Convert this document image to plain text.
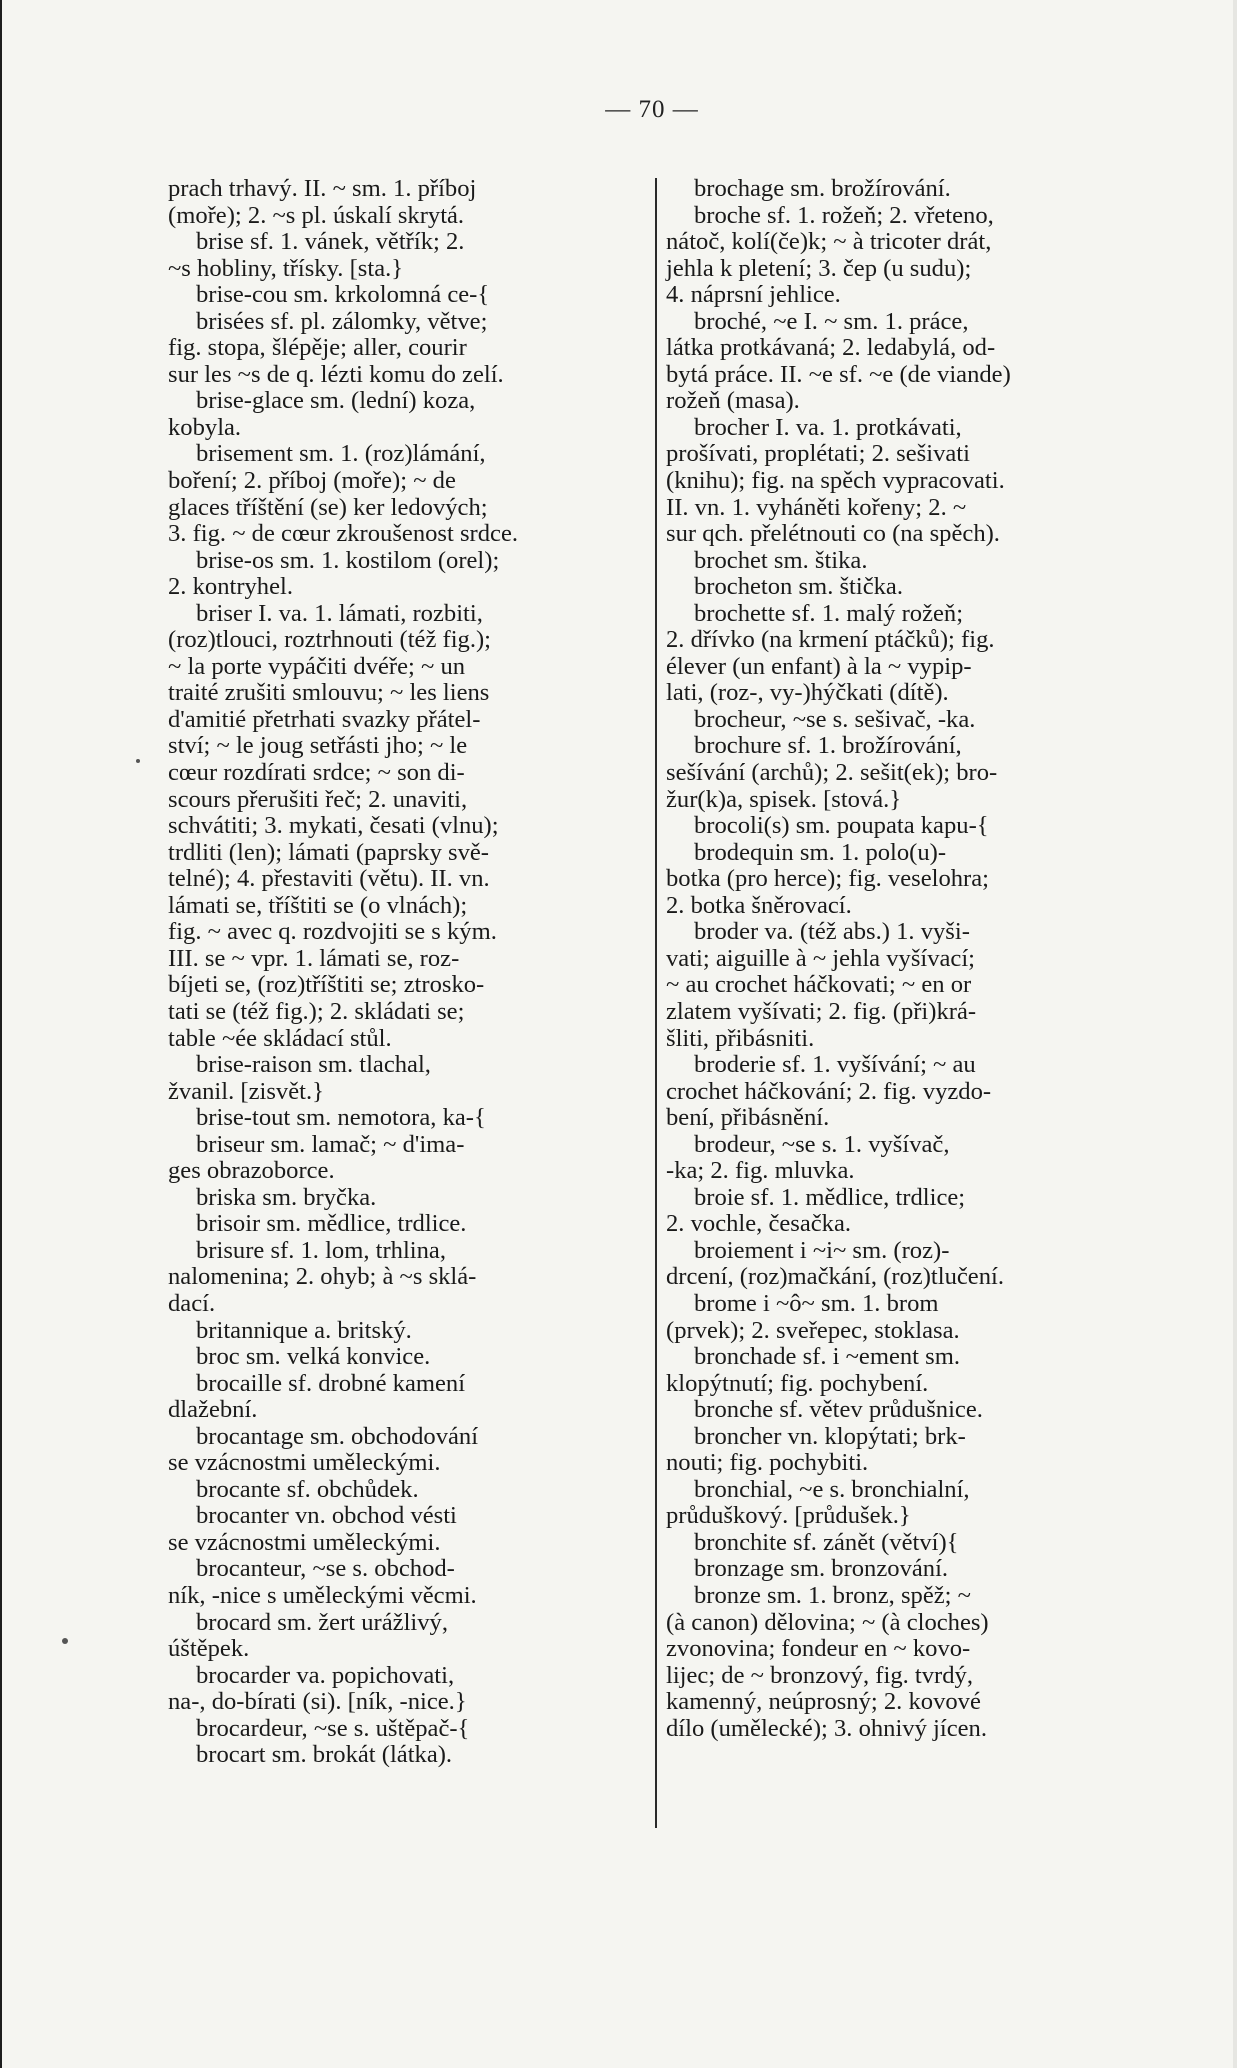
— 70 —
prach trhavý. II. ~ sm. 1. příboj
(moře); 2. ~s pl. úskalí skrytá.
brise sf. 1. vánek, větřík; 2.
~s hobliny, třísky. [sta.}
brise-cou sm. krkolomná ce-{
brisées sf. pl. zálomky, větve;
fig. stopa, šlépěje; aller, courir
sur les ~s de q. lézti komu do zelí.
brise-glace sm. (lední) koza,
kobyla.
brisement sm. 1. (roz)lámání,
boření; 2. příboj (moře); ~ de
glaces tříštění (se) ker ledových;
3. fig. ~ de cœur zkroušenost srdce.
brise-os sm. 1. kostilom (orel);
2. kontryhel.
briser I. va. 1. lámati, rozbiti,
(roz)tlouci, roztrhnouti (též fig.);
~ la porte vypáčiti dvéře; ~ un
traité zrušiti smlouvu; ~ les liens
d'amitié přetrhati svazky přátel-
ství; ~ le joug setřásti jho; ~ le
cœur rozdírati srdce; ~ son di-
scours přerušiti řeč; 2. unaviti,
schvátiti; 3. mykati, česati (vlnu);
trdliti (len); lámati (paprsky svě-
telné); 4. přestaviti (větu). II. vn.
lámati se, tříštiti se (o vlnách);
fig. ~ avec q. rozdvojiti se s kým.
III. se ~ vpr. 1. lámati se, roz-
bíjeti se, (roz)tříštiti se; ztrosko-
tati se (též fig.); 2. skládati se;
table ~ée skládací stůl.
brise-raison sm. tlachal,
žvanil. [zisvět.}
brise-tout sm. nemotora, ka-{
briseur sm. lamač; ~ d'ima-
ges obrazoborce.
briska sm. bryčka.
brisoir sm. mědlice, trdlice.
brisure sf. 1. lom, trhlina,
nalomenina; 2. ohyb; à ~s sklá-
dací.
britannique a. britský.
broc sm. velká konvice.
brocaille sf. drobné kamení
dlažební.
brocantage sm. obchodování
se vzácnostmi uměleckými.
brocante sf. obchůdek.
brocanter vn. obchod vésti
se vzácnostmi uměleckými.
brocanteur, ~se s. obchod-
ník, -nice s uměleckými věcmi.
brocard sm. žert urážlivý,
úštěpek.
brocarder va. popichovati,
na-, do-bírati (si). [ník, -nice.}
brocardeur, ~se s. uštěpač-{
brocart sm. brokát (látka).
brochage sm. brožírování.
broche sf. 1. rožeň; 2. vřeteno,
nátoč, kolí(če)k; ~ à tricoter drát,
jehla k pletení; 3. čep (u sudu);
4. náprsní jehlice.
broché, ~e I. ~ sm. 1. práce,
látka protkávaná; 2. ledabylá, od-
bytá práce. II. ~e sf. ~e (de viande)
rožeň (masa).
brocher I. va. 1. protkávati,
prošívati, proplétati; 2. sešivati
(knihu); fig. na spěch vypracovati.
II. vn. 1. vyháněti kořeny; 2. ~
sur qch. přelétnouti co (na spěch).
brochet sm. štika.
brocheton sm. štička.
brochette sf. 1. malý rožeň;
2. dřívko (na krmení ptáčků); fig.
élever (un enfant) à la ~ vypip-
lati, (roz-, vy-)hýčkati (dítě).
brocheur, ~se s. sešivač, -ka.
brochure sf. 1. brožírování,
sešívání (archů); 2. sešit(ek); bro-
žur(k)a, spisek. [stová.}
brocoli(s) sm. poupata kapu-{
brodequin sm. 1. polo(u)-
botka (pro herce); fig. veselohra;
2. botka šněrovací.
broder va. (též abs.) 1. vyši-
vati; aiguille à ~ jehla vyšívací;
~ au crochet háčkovati; ~ en or
zlatem vyšívati; 2. fig. (při)krá-
šliti, přibásniti.
broderie sf. 1. vyšívání; ~ au
crochet háčkování; 2. fig. vyzdo-
bení, přibásnění.
brodeur, ~se s. 1. vyšívač,
-ka; 2. fig. mluvka.
broie sf. 1. mědlice, trdlice;
2. vochle, česačka.
broiement i ~i~ sm. (roz)-
drcení, (roz)mačkání, (roz)tlučení.
brome i ~ô~ sm. 1. brom
(prvek); 2. sveřepec, stoklasa.
bronchade sf. i ~ement sm.
klopýtnutí; fig. pochybení.
bronche sf. větev průdušnice.
broncher vn. klopýtati; brk-
nouti; fig. pochybiti.
bronchial, ~e s. bronchialní,
průduškový. [průdušek.}
bronchite sf. zánět (větví){
bronzage sm. bronzování.
bronze sm. 1. bronz, spěž; ~
(à canon) dělovina; ~ (à cloches)
zvonovina; fondeur en ~ kovo-
lijec; de ~ bronzový, fig. tvrdý,
kamenný, neúprosný; 2. kovové
dílo (umělecké); 3. ohnivý jícen.
